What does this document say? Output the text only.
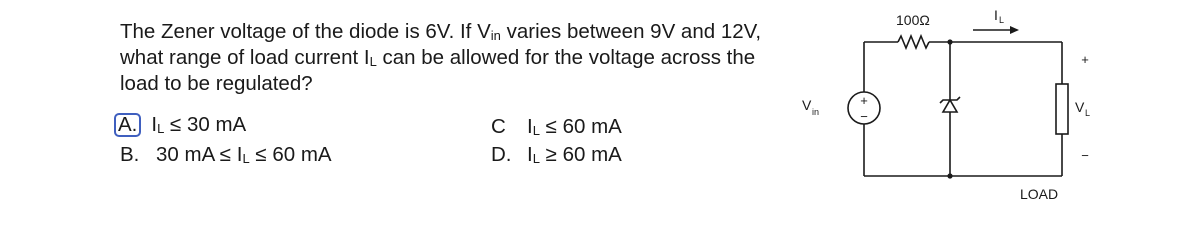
The Zener voltage of the diode is 6V. If $V_{in}$ varies between 9V and 12V, what range of load current $I_L$ can be allowed for the voltage across the load to be regulated?
A. $I_L \le 30$ mA
B. 30 mA ≤ $I_L \le 60$ mA
C $I_L \le 60$ mA
D. $I_L \ge 60$ mA
100Ω	I L
+
−
V in
+
V L
−
LOAD
